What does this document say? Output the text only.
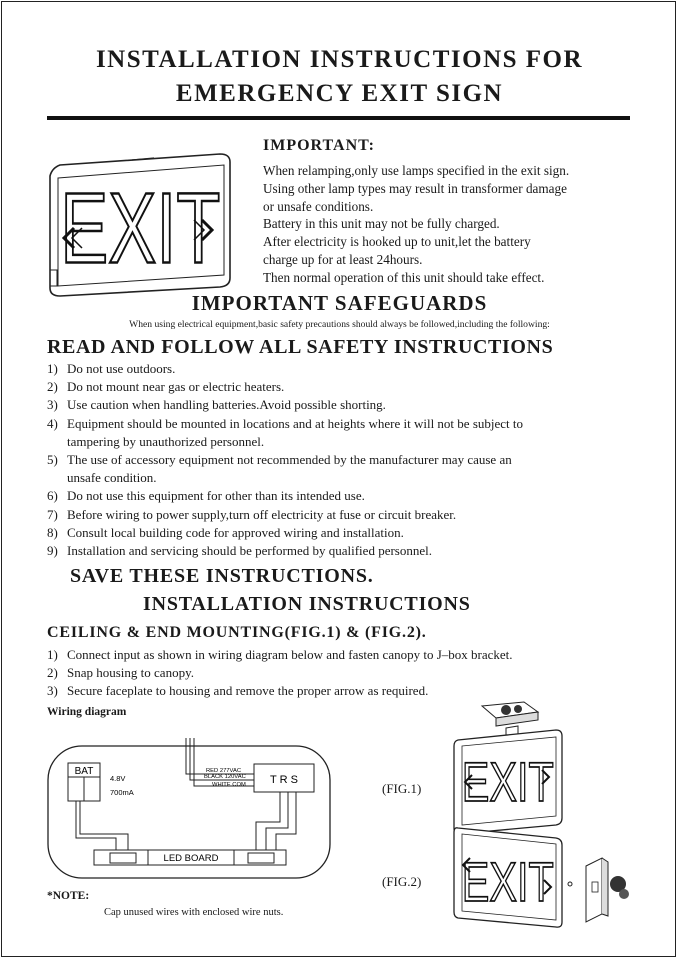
INSTALLATION INSTRUCTIONS FOR
EMERGENCY EXIT SIGN
EXIT
IMPORTANT:
When relamping,only use lamps specified in the exit sign.
Using other lamp types may result in transformer damage
or unsafe conditions.
Battery in this unit may not be fully charged.
After electricity is hooked up to unit,let the battery
charge up for at least 24hours.
Then normal operation of this unit should take effect.
IMPORTANT SAFEGUARDS
When using electrical equipment,basic safety precautions should always be followed,including the following:
READ AND FOLLOW ALL SAFETY INSTRUCTIONS
1) Do not use outdoors.
2) Do not mount near gas or electric heaters.
3) Use caution when handling batteries.Avoid possible shorting.
4) Equipment should be mounted in locations and at heights where it will not be subject to
tampering by unauthorized personnel.
5) The use of accessory equipment not recommended by the manufacturer may cause an
unsafe condition.
6) Do not use this equipment for other than its intended use.
7) Before wiring to power supply,turn off electricity at fuse or circuit breaker.
8) Consult local building code for approved wiring and installation.
9) Installation and servicing should be performed by qualified personnel.
SAVE THESE INSTRUCTIONS.
INSTALLATION INSTRUCTIONS
CEILING & END MOUNTING(FIG.1) & (FIG.2).
1) Connect input as shown in wiring diagram below and fasten canopy to J–box bracket.
2) Snap housing to canopy.
3) Secure faceplate to housing and remove the proper arrow as required.
Wiring diagram
BAT
4.8V
700mA
RED 277VAC
BLACK 120VAC
WHITE COM T R S
LED BOARD
(FIG.1)
(FIG.2)
EXIT
EXIT
*NOTE:
Cap unused wires with enclosed wire nuts.
